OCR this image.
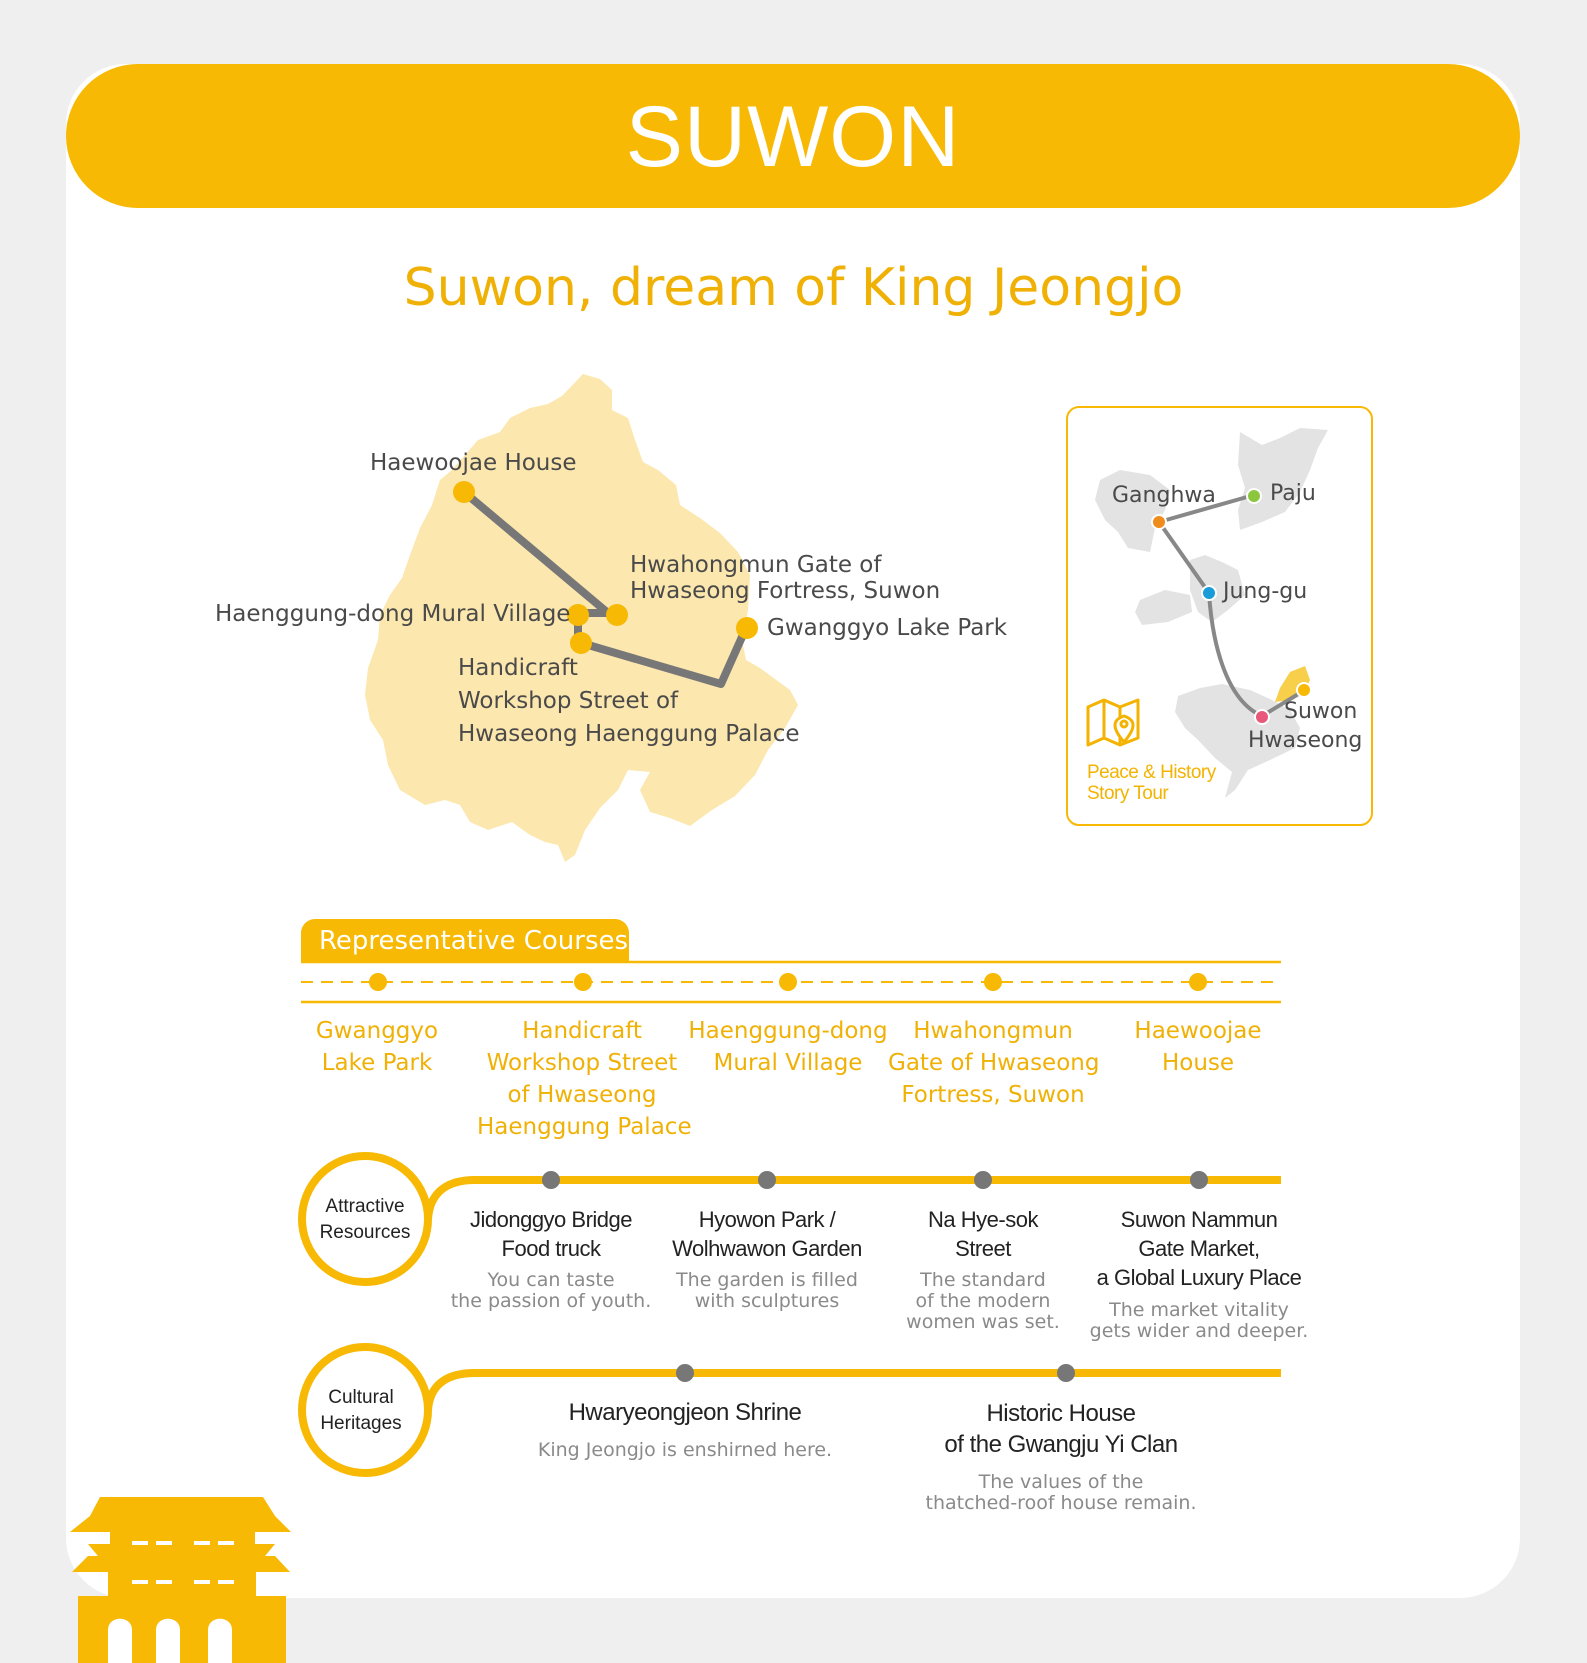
SUWON
Suwon, dream of King Jeongjo
Haewoojae House
Hwahongmun Gate of
Hwaseong Fortress, Suwon
Haenggung-dong Mural Village
Gwanggyo Lake Park
Handicraft
Workshop Street of
Hwaseong Haenggung Palace
Ganghwa Paju
Jung-gu
Suwon
Hwaseong
Peace & History
Story Tour
Representative Courses
Gwanggyo
Lake Park
Handicraft
Workshop Street
of Hwaseong
Haenggung Palace
Haenggung-dong
Mural Village
Hwahongmun
Gate of Hwaseong
Fortress, Suwon
Haewoojae
House
Attractive
Resources
Jidonggyo Bridge
Food truck
You can taste
the passion of youth.
Hyowon Park /
Wolhwawon Garden
The garden is filled
with sculptures
Na Hye-sok
Street
The standard
of the modern
women was set.
Suwon Nammun
Gate Market,
a Global Luxury Place
The market vitality
gets wider and deeper.
Cultural
Heritages	Hwaryeongjeon Shrine
King Jeongjo is enshirned here.
Historic House
of the Gwangju Yi Clan
The values of the
thatched-roof house remain.
